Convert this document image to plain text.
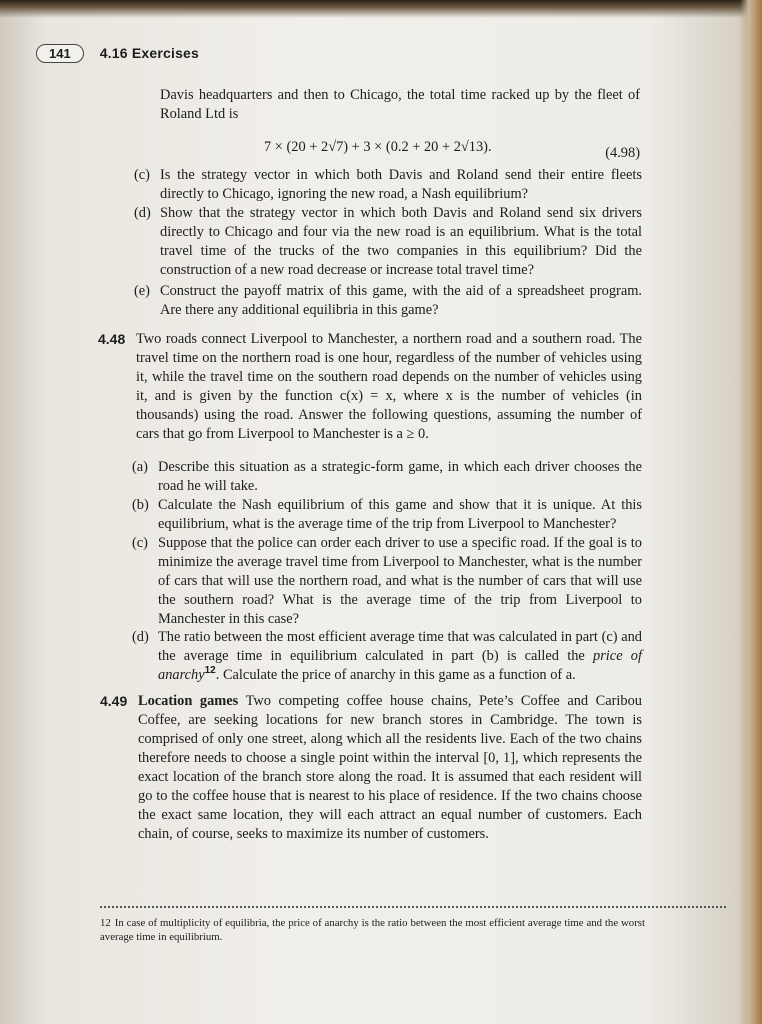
141	4.16 Exercises
Davis headquarters and then to Chicago, the total time racked up by the fleet of Roland Ltd is
7 × (20 + 2√7) + 3 × (0.2 + 20 + 2√13).	(4.98)
(c) Is the strategy vector in which both Davis and Roland send their entire fleets directly to Chicago, ignoring the new road, a Nash equilibrium?
(d) Show that the strategy vector in which both Davis and Roland send six drivers directly to Chicago and four via the new road is an equilibrium. What is the total travel time of the trucks of the two companies in this equilibrium? Did the construction of a new road decrease or increase total travel time?
(e) Construct the payoff matrix of this game, with the aid of a spreadsheet program. Are there any additional equilibria in this game?
4.48 Two roads connect Liverpool to Manchester, a northern road and a southern road. The travel time on the northern road is one hour, regardless of the number of vehicles using it, while the travel time on the southern road depends on the number of vehicles using it, and is given by the function c(x) = x, where x is the number of vehicles (in thousands) using the road. Answer the following questions, assuming the number of cars that go from Liverpool to Manchester is a ≥ 0.
(a) Describe this situation as a strategic-form game, in which each driver chooses the road he will take.
(b) Calculate the Nash equilibrium of this game and show that it is unique. At this equilibrium, what is the average time of the trip from Liverpool to Manchester?
(c) Suppose that the police can order each driver to use a specific road. If the goal is to minimize the average travel time from Liverpool to Manchester, what is the number of cars that will use the northern road, and what is the number of cars that will use the southern road? What is the average time of the trip from Liverpool to Manchester in this case?
(d) The ratio between the most efficient average time that was calculated in part (c) and the average time in equilibrium calculated in part (b) is called the price of anarchy$^{12}$. Calculate the price of anarchy in this game as a function of a.
4.49 Location games Two competing coffee house chains, Pete’s Coffee and Caribou Coffee, are seeking locations for new branch stores in Cambridge. The town is comprised of only one street, along which all the residents live. Each of the two chains therefore needs to choose a single point within the interval [0, 1], which represents the exact location of the branch store along the road. It is assumed that each resident will go to the coffee house that is nearest to his place of residence. If the two chains choose the exact same location, they will each attract an equal number of customers. Each chain, of course, seeks to maximize its number of customers.
12 In case of multiplicity of equilibria, the price of anarchy is the ratio between the most efficient average time and the worst average time in equilibrium.
